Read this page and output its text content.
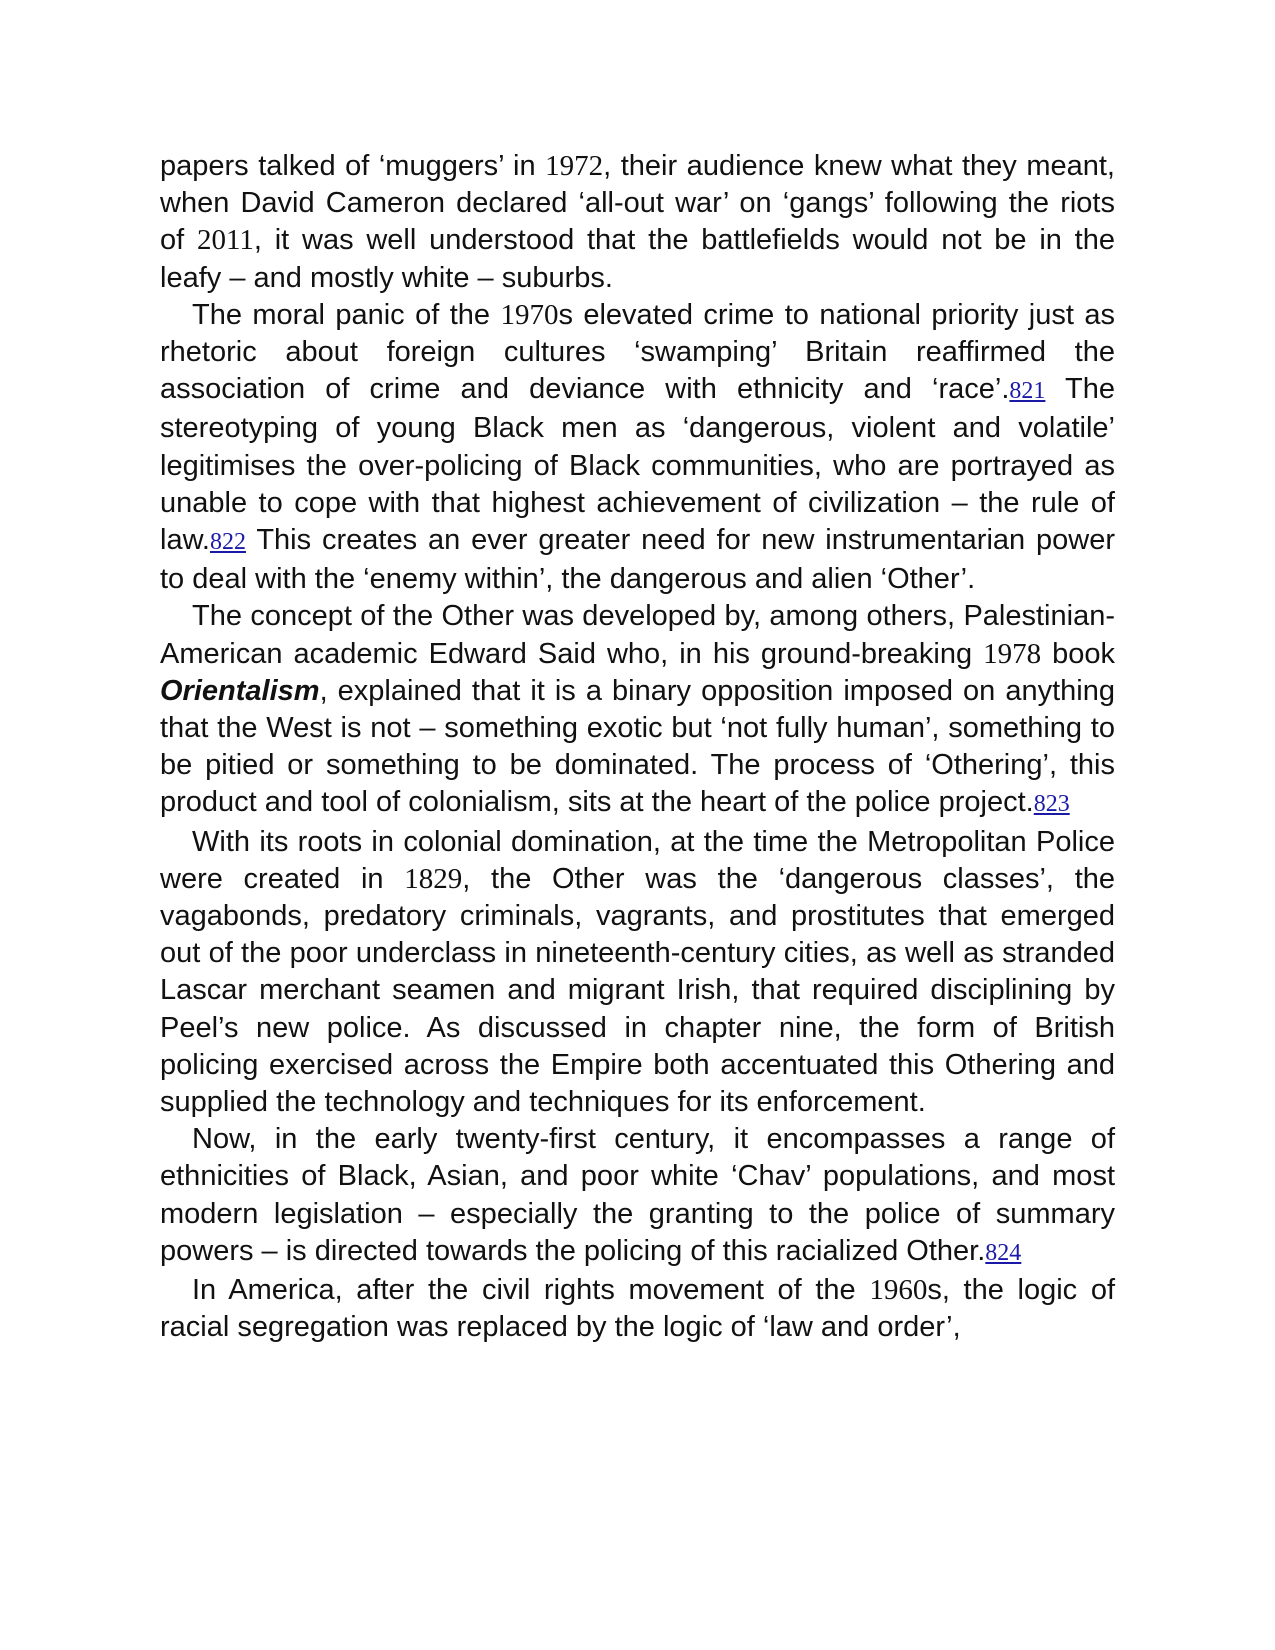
papers talked of ‘muggers’ in 1972, their audience knew what they meant, when David Cameron declared ‘all-out war’ on ‘gangs’ following the riots of 2011, it was well understood that the battlefields would not be in the leafy – and mostly white – suburbs.

The moral panic of the 1970s elevated crime to national priority just as rhetoric about foreign cultures ‘swamping’ Britain reaffirmed the association of crime and deviance with ethnicity and ‘race’.821 The stereotyping of young Black men as ‘dangerous, violent and volatile’ legitimises the over-policing of Black communities, who are portrayed as unable to cope with that highest achievement of civilization – the rule of law.822 This creates an ever greater need for new instrumentarian power to deal with the ‘enemy within’, the dangerous and alien ‘Other’.

The concept of the Other was developed by, among others, Palestinian-American academic Edward Said who, in his ground-breaking 1978 book Orientalism, explained that it is a binary opposition imposed on anything that the West is not – something exotic but ‘not fully human’, something to be pitied or something to be dominated. The process of ‘Othering’, this product and tool of colonialism, sits at the heart of the police project.823

With its roots in colonial domination, at the time the Metropolitan Police were created in 1829, the Other was the ‘dangerous classes’, the vagabonds, predatory criminals, vagrants, and prostitutes that emerged out of the poor underclass in nineteenth-century cities, as well as stranded Lascar merchant seamen and migrant Irish, that required disciplining by Peel’s new police. As discussed in chapter nine, the form of British policing exercised across the Empire both accentuated this Othering and supplied the technology and techniques for its enforcement.

Now, in the early twenty-first century, it encompasses a range of ethnicities of Black, Asian, and poor white ‘Chav’ populations, and most modern legislation – especially the granting to the police of summary powers – is directed towards the policing of this racialized Other.824

In America, after the civil rights movement of the 1960s, the logic of racial segregation was replaced by the logic of ‘law and order’,
